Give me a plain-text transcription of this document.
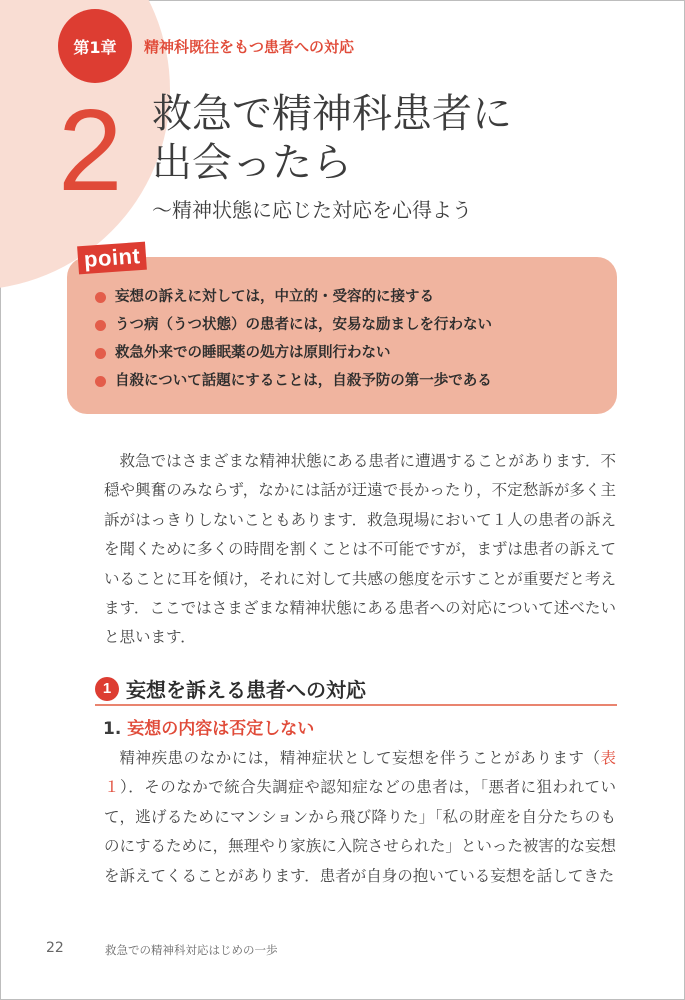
第1章 精神科既往をもつ患者への対応
2 救急で精神科患者に
出会ったら
〜精神状態に応じた対応を心得よう
point
妄想の訴えに対しては，中立的・受容的に接する
うつ病（うつ状態）の患者には，安易な励ましを行わない
救急外来での睡眠薬の処方は原則行わない
自殺について話題にすることは，自殺予防の第一歩である

救急ではさまざまな精神状態にある患者に遭遇することがあります．不穏や興奮のみならず，なかには話が迂遠で長かったり，不定愁訴が多く主訴がはっきりしないこともあります．救急現場において１人の患者の訴えを聞くために多くの時間を割くことは不可能ですが，まずは患者の訴えていることに耳を傾け，それに対して共感の態度を示すことが重要だと考えます．ここではさまざまな精神状態にある患者への対応について述べたいと思います．

1 妄想を訴える患者への対応
1. 妄想の内容は否定しない

精神疾患のなかには，精神症状として妄想を伴うことがあります（表１）．そのなかで統合失調症や認知症などの患者は，「悪者に狙われていて，逃げるためにマンションから飛び降りた」「私の財産を自分たちのものにするために，無理やり家族に入院させられた」といった被害的な妄想を訴えてくることがあります．患者が自身の抱いている妄想を話してきた

22	救急での精神科対応はじめの一歩
